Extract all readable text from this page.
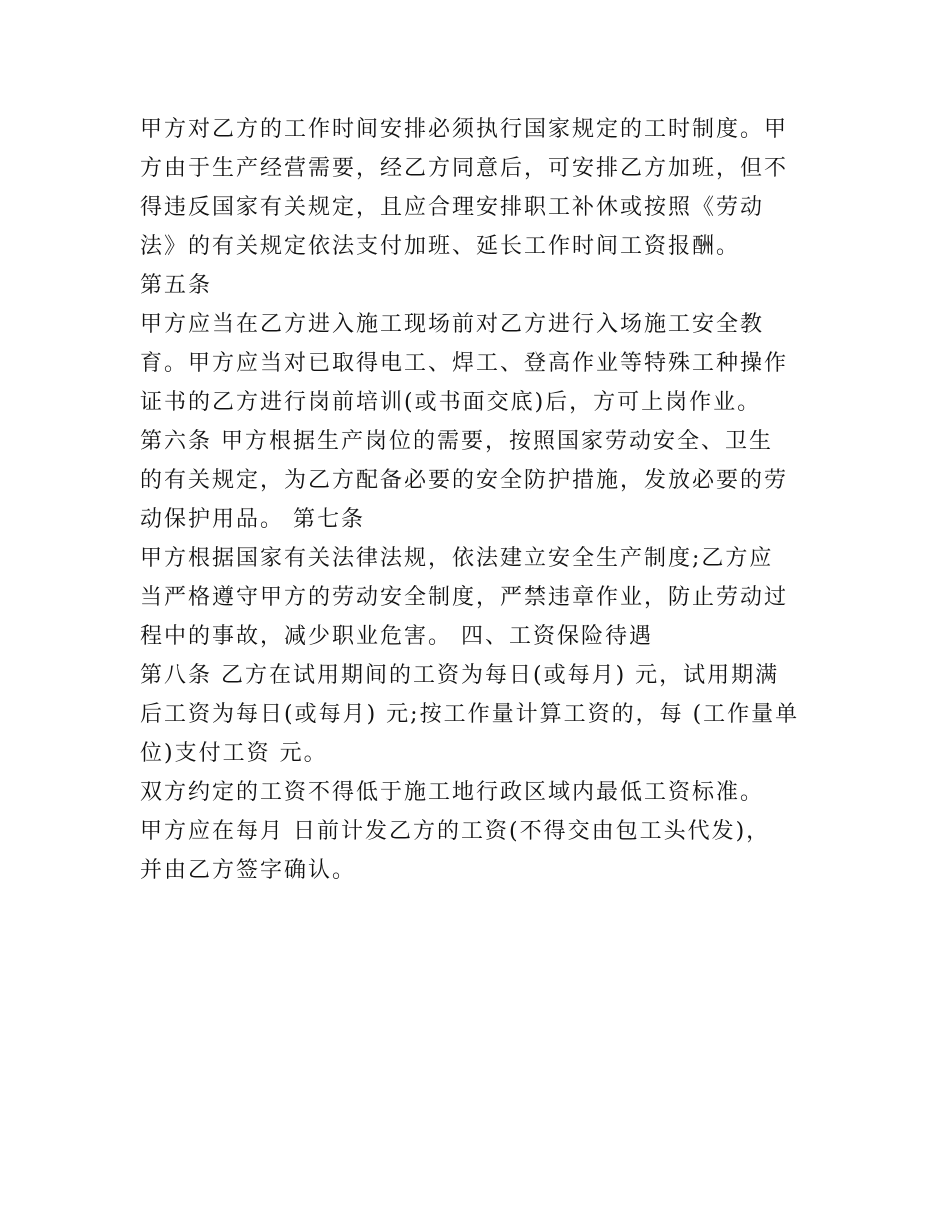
甲方对乙方的工作时间安排必须执行国家规定的工时制度。甲
方由于生产经营需要，经乙方同意后，可安排乙方加班，但不
得违反国家有关规定，且应合理安排职工补休或按照《劳动
法》的有关规定依法支付加班、延长工作时间工资报酬。
第五条
甲方应当在乙方进入施工现场前对乙方进行入场施工安全教
育。甲方应当对已取得电工、焊工、登高作业等特殊工种操作
证书的乙方进行岗前培训(或书面交底)后，方可上岗作业。
第六条 甲方根据生产岗位的需要，按照国家劳动安全、卫生
的有关规定，为乙方配备必要的安全防护措施，发放必要的劳
动保护用品。 第七条
甲方根据国家有关法律法规，依法建立安全生产制度;乙方应
当严格遵守甲方的劳动安全制度，严禁违章作业，防止劳动过
程中的事故，减少职业危害。 四、工资保险待遇
第八条 乙方在试用期间的工资为每日(或每月) 元，试用期满
后工资为每日(或每月) 元;按工作量计算工资的，每 (工作量单
位)支付工资 元。
双方约定的工资不得低于施工地行政区域内最低工资标准。
甲方应在每月 日前计发乙方的工资(不得交由包工头代发)，
并由乙方签字确认。
